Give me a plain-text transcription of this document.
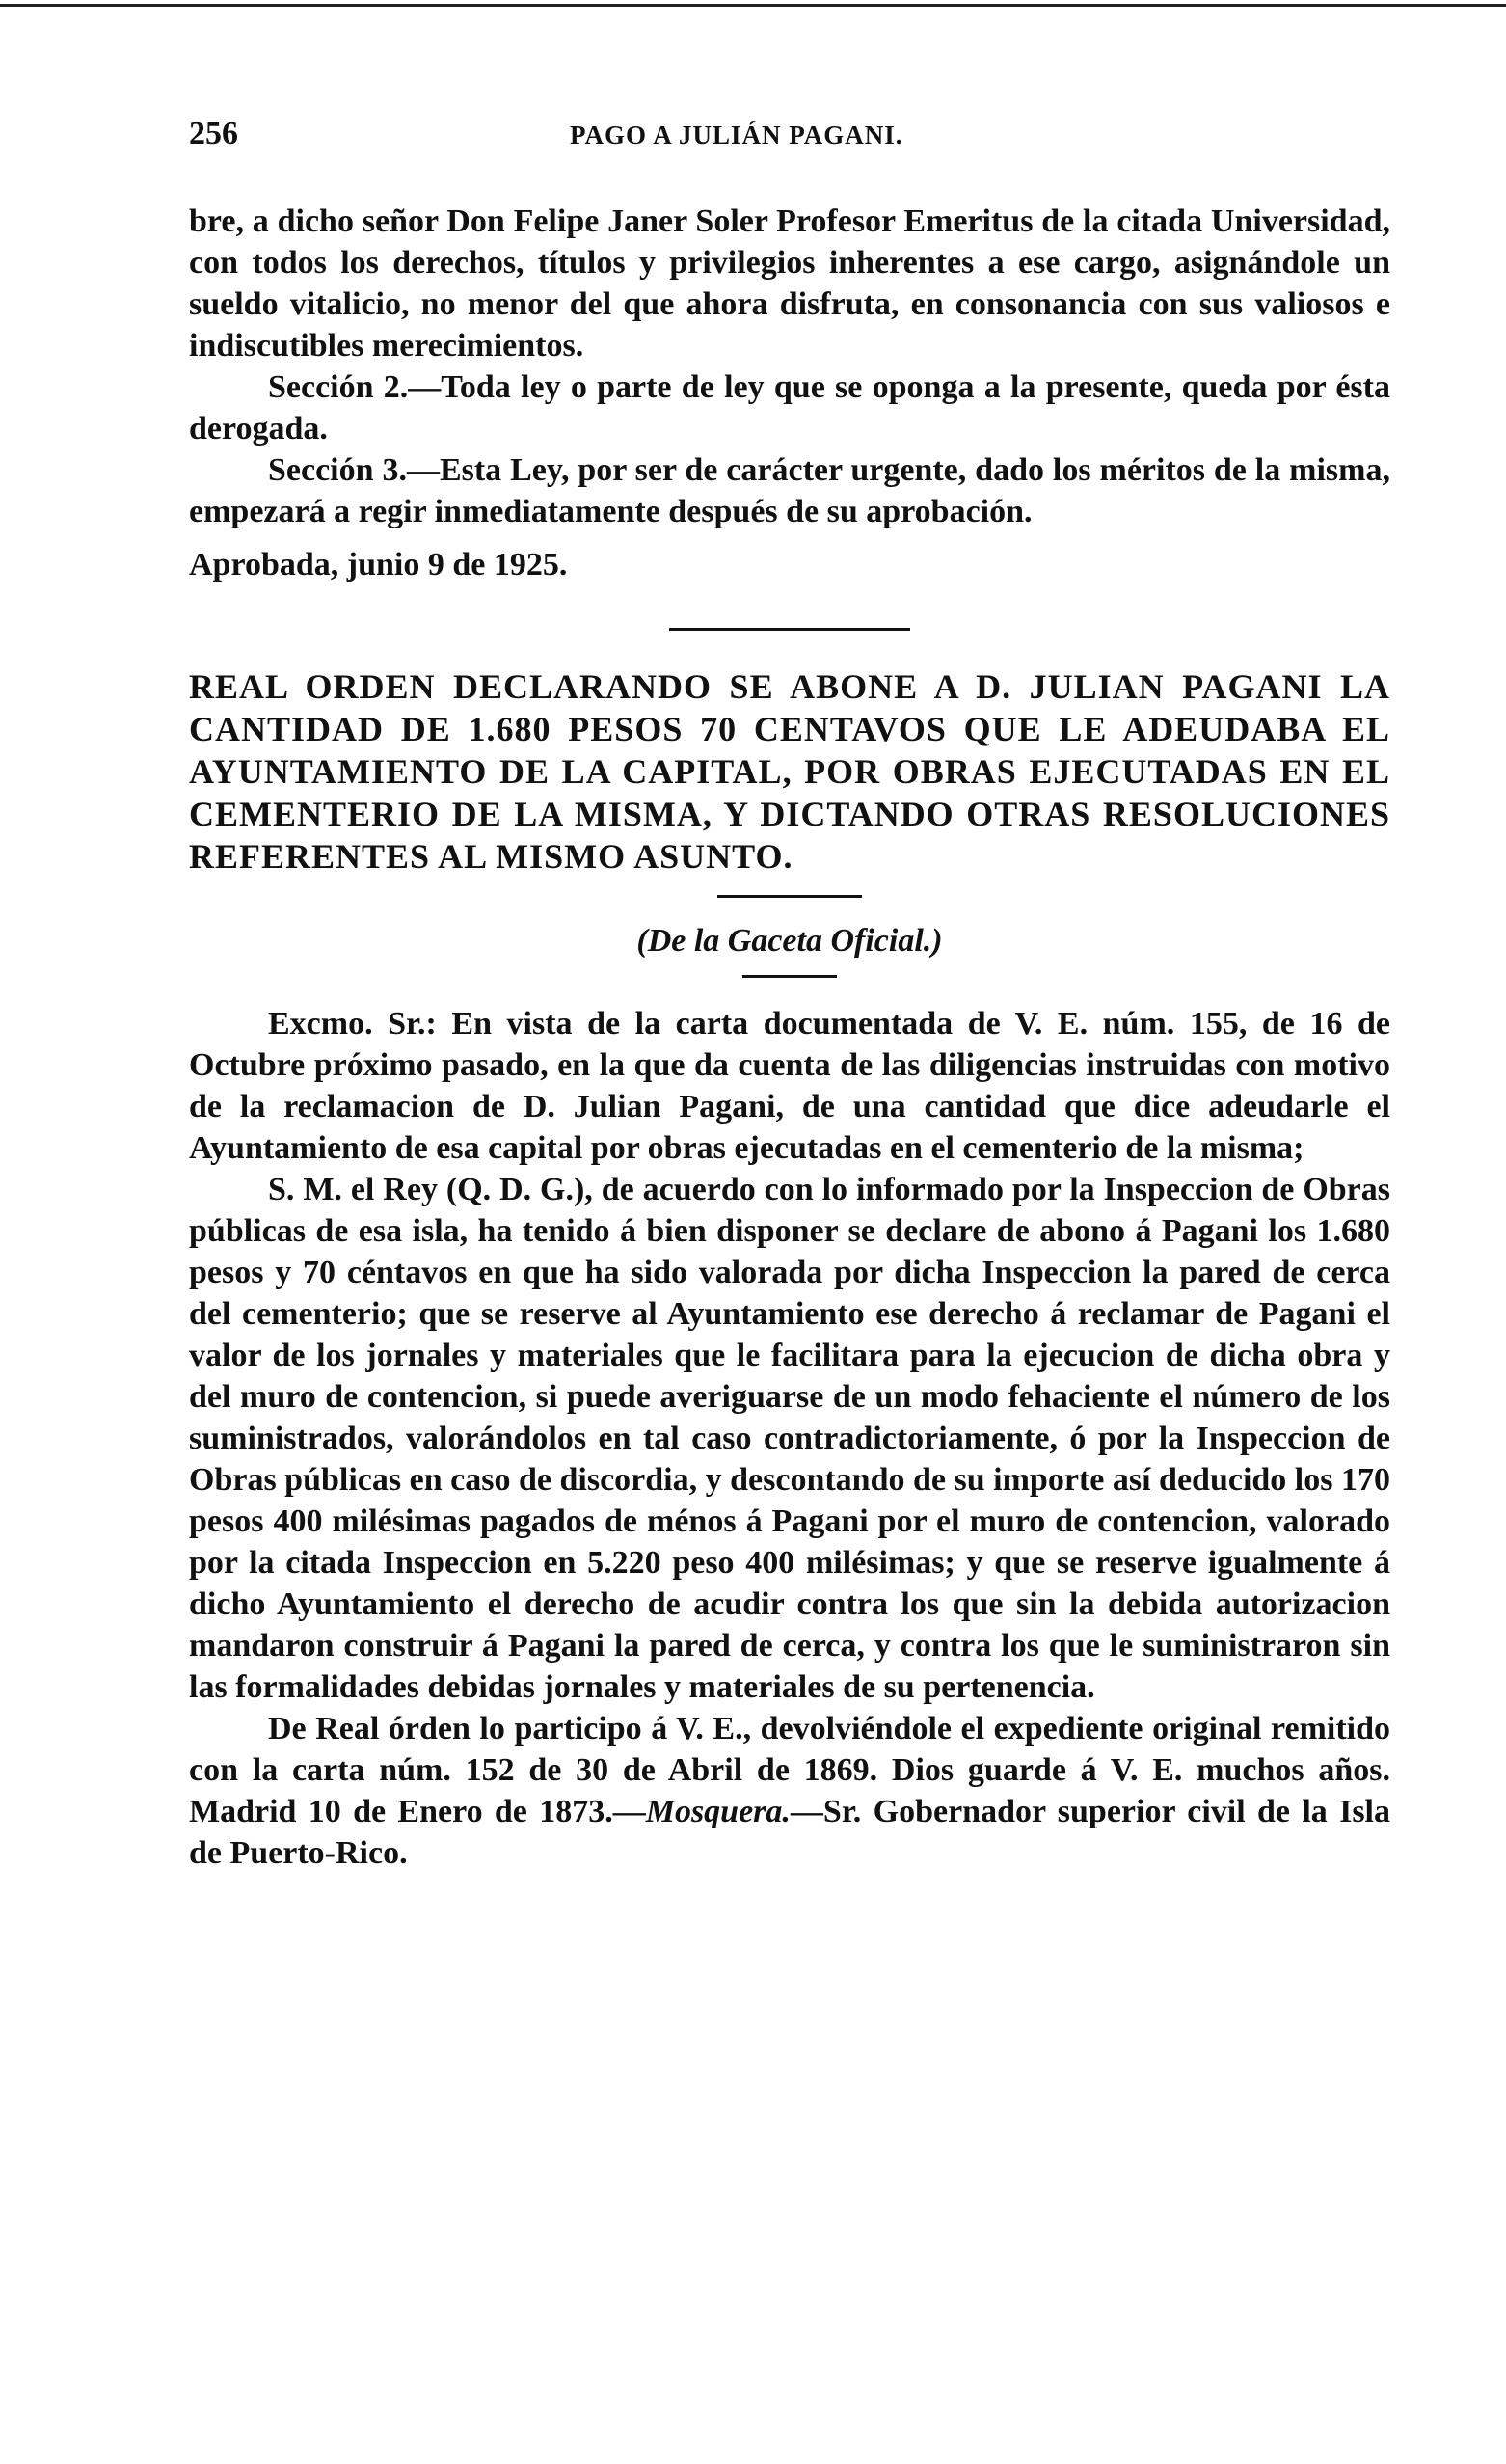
256	PAGO A JULIÁN PAGANI.

bre, a dicho señor Don Felipe Janer Soler Profesor Emeritus de la citada Universidad, con todos los derechos, títulos y privilegios inherentes a ese cargo, asignándole un sueldo vitalicio, no menor del que ahora disfruta, en consonancia con sus valiosos e indiscutibles merecimientos.

Sección 2.—Toda ley o parte de ley que se oponga a la presente, queda por ésta derogada.

Sección 3.—Esta Ley, por ser de carácter urgente, dado los méritos de la misma, empezará a regir inmediatamente después de su aprobación.

Aprobada, junio 9 de 1925.

REAL ORDEN DECLARANDO SE ABONE A D. JULIAN PAGANI LA CANTIDAD DE 1.680 PESOS 70 CENTAVOS QUE LE ADEUDABA EL AYUNTAMIENTO DE LA CAPITAL, POR OBRAS EJECUTADAS EN EL CEMENTERIO DE LA MISMA, Y DICTANDO OTRAS RESOLUCIONES REFERENTES AL MISMO ASUNTO.
(De la Gaceta Oficial.)

Excmo. Sr.: En vista de la carta documentada de V. E. núm. 155, de 16 de Octubre próximo pasado, en la que da cuenta de las diligencias instruidas con motivo de la reclamacion de D. Julian Pagani, de una cantidad que dice adeudarle el Ayuntamiento de esa capital por obras ejecutadas en el cementerio de la misma;

S. M. el Rey (Q. D. G.), de acuerdo con lo informado por la Inspeccion de Obras públicas de esa isla, ha tenido á bien disponer se declare de abono á Pagani los 1.680 pesos y 70 céntavos en que ha sido valorada por dicha Inspeccion la pared de cerca del cementerio; que se reserve al Ayuntamiento ese derecho á reclamar de Pagani el valor de los jornales y materiales que le facilitara para la ejecucion de dicha obra y del muro de contencion, si puede averiguarse de un modo fehaciente el número de los suministrados, valorándolos en tal caso contradictoriamente, ó por la Inspeccion de Obras públicas en caso de discordia, y descontando de su importe así deducido los 170 pesos 400 milésimas pagados de ménos á Pagani por el muro de contencion, valorado por la citada Inspeccion en 5.220 peso 400 milésimas; y que se reserve igualmente á dicho Ayuntamiento el derecho de acudir contra los que sin la debida autorizacion mandaron construir á Pagani la pared de cerca, y contra los que le suministraron sin las formalidades debidas jornales y materiales de su pertenencia.

De Real órden lo participo á V. E., devolviéndole el expediente original remitido con la carta núm. 152 de 30 de Abril de 1869. Dios guarde á V. E. muchos años. Madrid 10 de Enero de 1873.—Mosquera.—Sr. Gobernador superior civil de la Isla de Puerto-Rico.
